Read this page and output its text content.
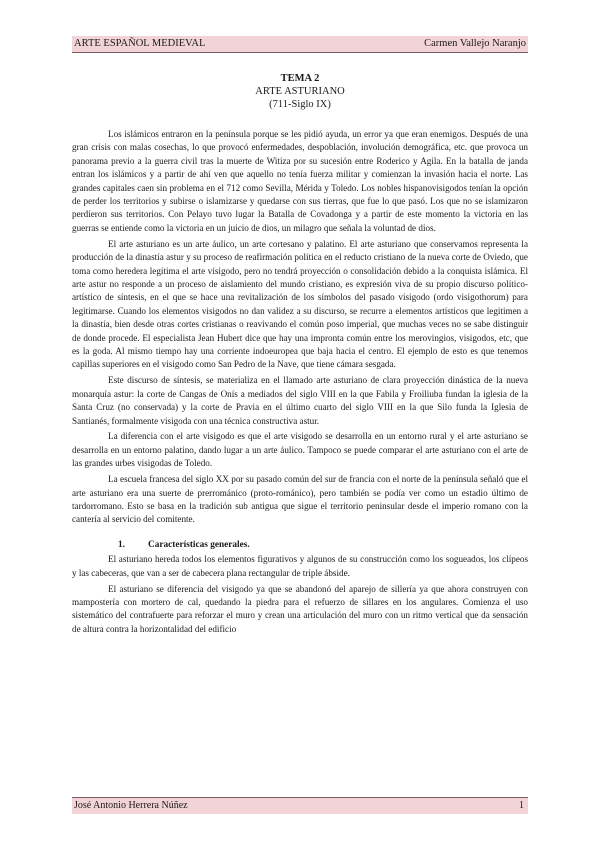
ARTE ESPAÑOL MEDIEVAL	Carmen Vallejo Naranjo
TEMA 2
ARTE ASTURIANO
(711-Siglo IX)

Los islámicos entraron en la península porque se les pidió ayuda, un error ya que eran enemigos. Después de una gran crisis con malas cosechas, lo que provocó enfermedades, despoblación, involución demográfica, etc. que provoca un panorama previo a la guerra civil tras la muerte de Witiza por su sucesión entre Roderico y Agila. En la batalla de janda entran los islámicos y a partir de ahí ven que aquello no tenía fuerza militar y comienzan la invasión hacia el norte. Las grandes capitales caen sin problema en el 712 como Sevilla, Mérida y Toledo. Los nobles hispanovisigodos tenían la opción de perder los territorios y subirse o islamizarse y quedarse con sus tierras, que fue lo que pasó. Los que no se islamizaron perdieron sus territorios. Con Pelayo tuvo lugar la Batalla de Covadonga y a partir de este momento la victoria en las guerras se entiende como la victoria en un juicio de dios, un milagro que señala la voluntad de dios.

El arte asturiano es un arte áulico, un arte cortesano y palatino. El arte asturiano que conservamos representa la producción de la dinastía astur y su proceso de reafirmación política en el reducto cristiano de la nueva corte de Oviedo, que toma como heredera legítima el arte visigodo, pero no tendrá proyección o consolidación debido a la conquista islámica. El arte astur no responde a un proceso de aislamiento del mundo cristiano, es expresión viva de su propio discurso político-artístico de síntesis, en el que se hace una revitalización de los símbolos del pasado visigodo (ordo visigothorum) para legitimarse. Cuando los elementos visigodos no dan validez a su discurso, se recurre a elementos artísticos que legitimen a la dinastía, bien desde otras cortes cristianas o reavivando el común poso imperial, que muchas veces no se sabe distinguir de donde procede. El especialista Jean Hubert dice que hay una impronta común entre los merovingios, visigodos, etc, que es la goda. Al mismo tiempo hay una corriente indoeuropea que baja hacia el centro. El ejemplo de esto es que tenemos capillas superiores en el visigodo como San Pedro de la Nave, que tiene cámara sesgada.

Este discurso de síntesis, se materializa en el llamado arte asturiano de clara proyección dinástica de la nueva monarquía astur: la corte de Cangas de Onís a mediados del siglo VIII en la que Fabila y Froiliuba fundan la iglesia de la Santa Cruz (no conservada) y la corte de Pravia en el último cuarto del siglo VIII en la que Silo funda la Iglesia de Santianés, formalmente visigoda con una técnica constructiva astur.

La diferencia con el arte visigodo es que el arte visigodo se desarrolla en un entorno rural y el arte asturiano se desarrolla en un entorno palatino, dando lugar a un arte áulico. Tampoco se puede comparar el arte asturiano con el arte de las grandes urbes visigodas de Toledo.

La escuela francesa del siglo XX por su pasado común del sur de francia con el norte de la península señaló que el arte asturiano era una suerte de prerrománico (proto-románico), pero también se podía ver como un estadio último de tardorromano. Esto se basa en la tradición sub antigua que sigue el territorio peninsular desde el imperio romano con la cantería al servicio del comitente.

1. Características generales.

El asturiano hereda todos los elementos figurativos y algunos de su construcción como los sogueados, los clípeos y las cabeceras, que van a ser de cabecera plana rectangular de triple ábside.

El asturiano se diferencia del visigodo ya que se abandonó del aparejo de sillería ya que ahora construyen con mampostería con mortero de cal, quedando la piedra para el refuerzo de sillares en los angulares. Comienza el uso sistemático del contrafuerte para reforzar el muro y crean una articulación del muro con un ritmo vertical que da sensación de altura contra la horizontalidad del edificio

José Antonio Herrera Núñez	1
